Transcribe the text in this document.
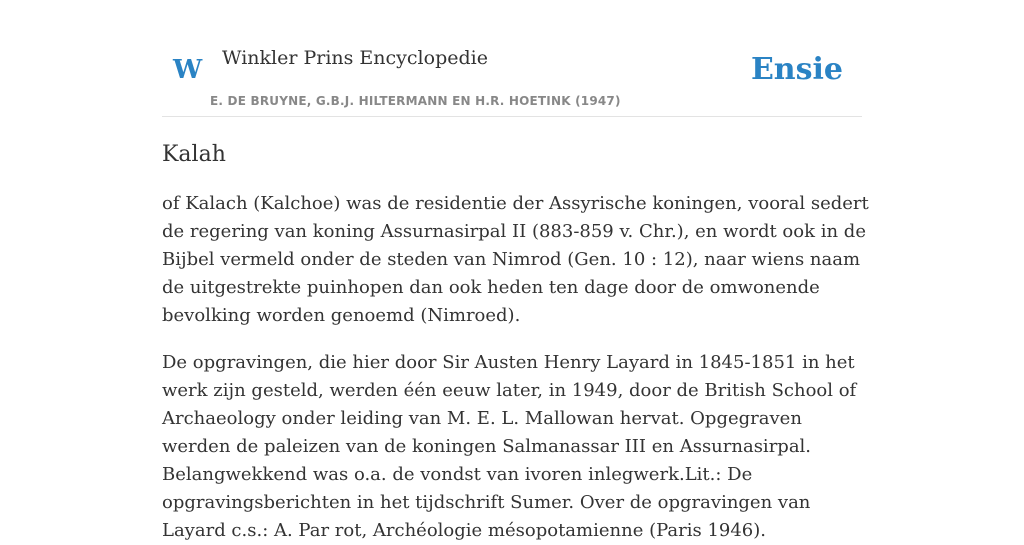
W Winkler Prins Encyclopedie
E. DE BRUYNE, G.B.J. HILTERMANN EN H.R. HOETINK (1947)
Ensie
Kalah

of Kalach (Kalchoe) was de residentie der Assyrische koningen, vooral sedert de regering van koning Assurnasirpal II (883-859 v. Chr.), en wordt ook in de Bijbel vermeld onder de steden van Nimrod (Gen. 10 : 12), naar wiens naam de uitgestrekte puinhopen dan ook heden ten dage door de omwonende bevolking worden genoemd (Nimroed).

De opgravingen, die hier door Sir Austen Henry Layard in 1845-1851 in het werk zijn gesteld, werden één eeuw later, in 1949, door de British School of Archaeology onder leiding van M. E. L. Mallowan hervat. Opgegraven werden de paleizen van de koningen Salmanassar III en Assurnasirpal. Belangwekkend was o.a. de vondst van ivoren inlegwerk.Lit.: De opgravingsberichten in het tijdschrift Sumer. Over de opgravingen van Layard c.s.: A. Par rot, Archéologie mésopotamienne (Paris 1946).
